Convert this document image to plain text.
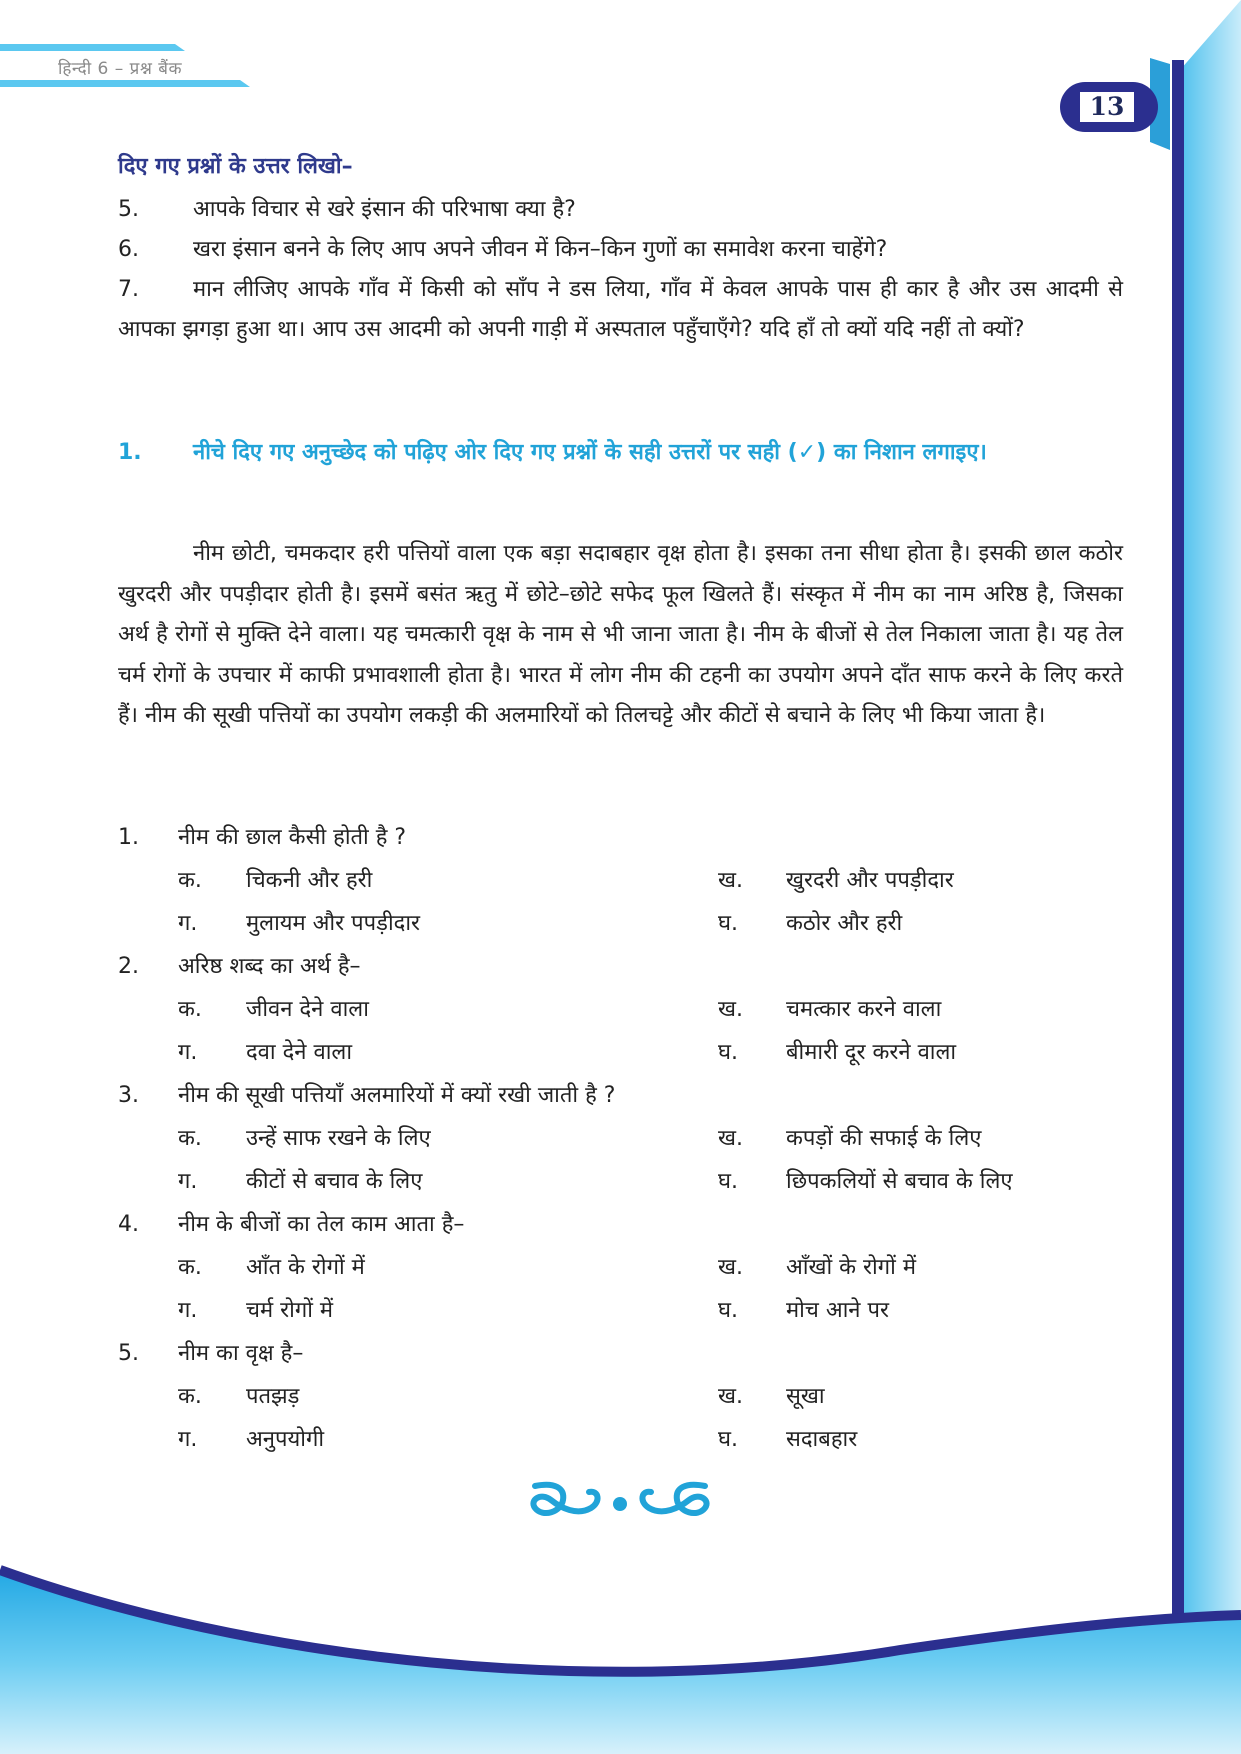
हिन्दी 6 – प्रश्न बैंक
13
दिए गए प्रश्नों के उत्तर लिखो–
5. आपके विचार से खरे इंसान की परिभाषा क्या है?
6. खरा इंसान बनने के लिए आप अपने जीवन में किन–किन गुणों का समावेश करना चाहेंगे?
7. मान लीजिए आपके गाँव में किसी को साँप ने डस लिया, गाँव में केवल आपके पास ही कार है और उस आदमी से आपका झगड़ा हुआ था। आप उस आदमी को अपनी गाड़ी में अस्पताल पहुँचाएँगे? यदि हाँ तो क्यों यदि नहीं तो क्यों?
1. नीचे दिए गए अनुच्छेद को पढ़िए ओर दिए गए प्रश्नों के सही उत्तरों पर सही (✓) का निशान लगाइए।
नीम छोटी, चमकदार हरी पत्तियों वाला एक बड़ा सदाबहार वृक्ष होता है। इसका तना सीधा होता है। इसकी छाल कठोर खुरदरी और पपड़ीदार होती है। इसमें बसंत ऋतु में छोटे–छोटे सफेद फूल खिलते हैं। संस्कृत में नीम का नाम अरिष्ठ है, जिसका अर्थ है रोगों से मुक्ति देने वाला। यह चमत्कारी वृक्ष के नाम से भी जाना जाता है। नीम के बीजों से तेल निकाला जाता है। यह तेल चर्म रोगों के उपचार में काफी प्रभावशाली होता है। भारत में लोग नीम की टहनी का उपयोग अपने दाँत साफ करने के लिए करते हैं। नीम की सूखी पत्तियों का उपयोग लकड़ी की अलमारियों को तिलचट्टे और कीटों से बचाने के लिए भी किया जाता है।
1. नीम की छाल कैसी होती है ?
क. चिकनी और हरी	ख. खुरदरी और पपड़ीदार
ग. मुलायम और पपड़ीदार	घ. कठोर और हरी
2. अरिष्ठ शब्द का अर्थ है–
क. जीवन देने वाला	ख. चमत्कार करने वाला
ग. दवा देने वाला	घ. बीमारी दूर करने वाला
3. नीम की सूखी पत्तियाँ अलमारियों में क्यों रखी जाती है ?
क. उन्हें साफ रखने के लिए	ख. कपड़ों की सफाई के लिए
ग. कीटों से बचाव के लिए	घ. छिपकलियों से बचाव के लिए
4. नीम के बीजों का तेल काम आता है–
क. आँत के रोगों में	ख. आँखों के रोगों में
ग. चर्म रोगों में	घ. मोच आने पर
5. नीम का वृक्ष है–
क. पतझड़	ख. सूखा
ग. अनुपयोगी	घ. सदाबहार
